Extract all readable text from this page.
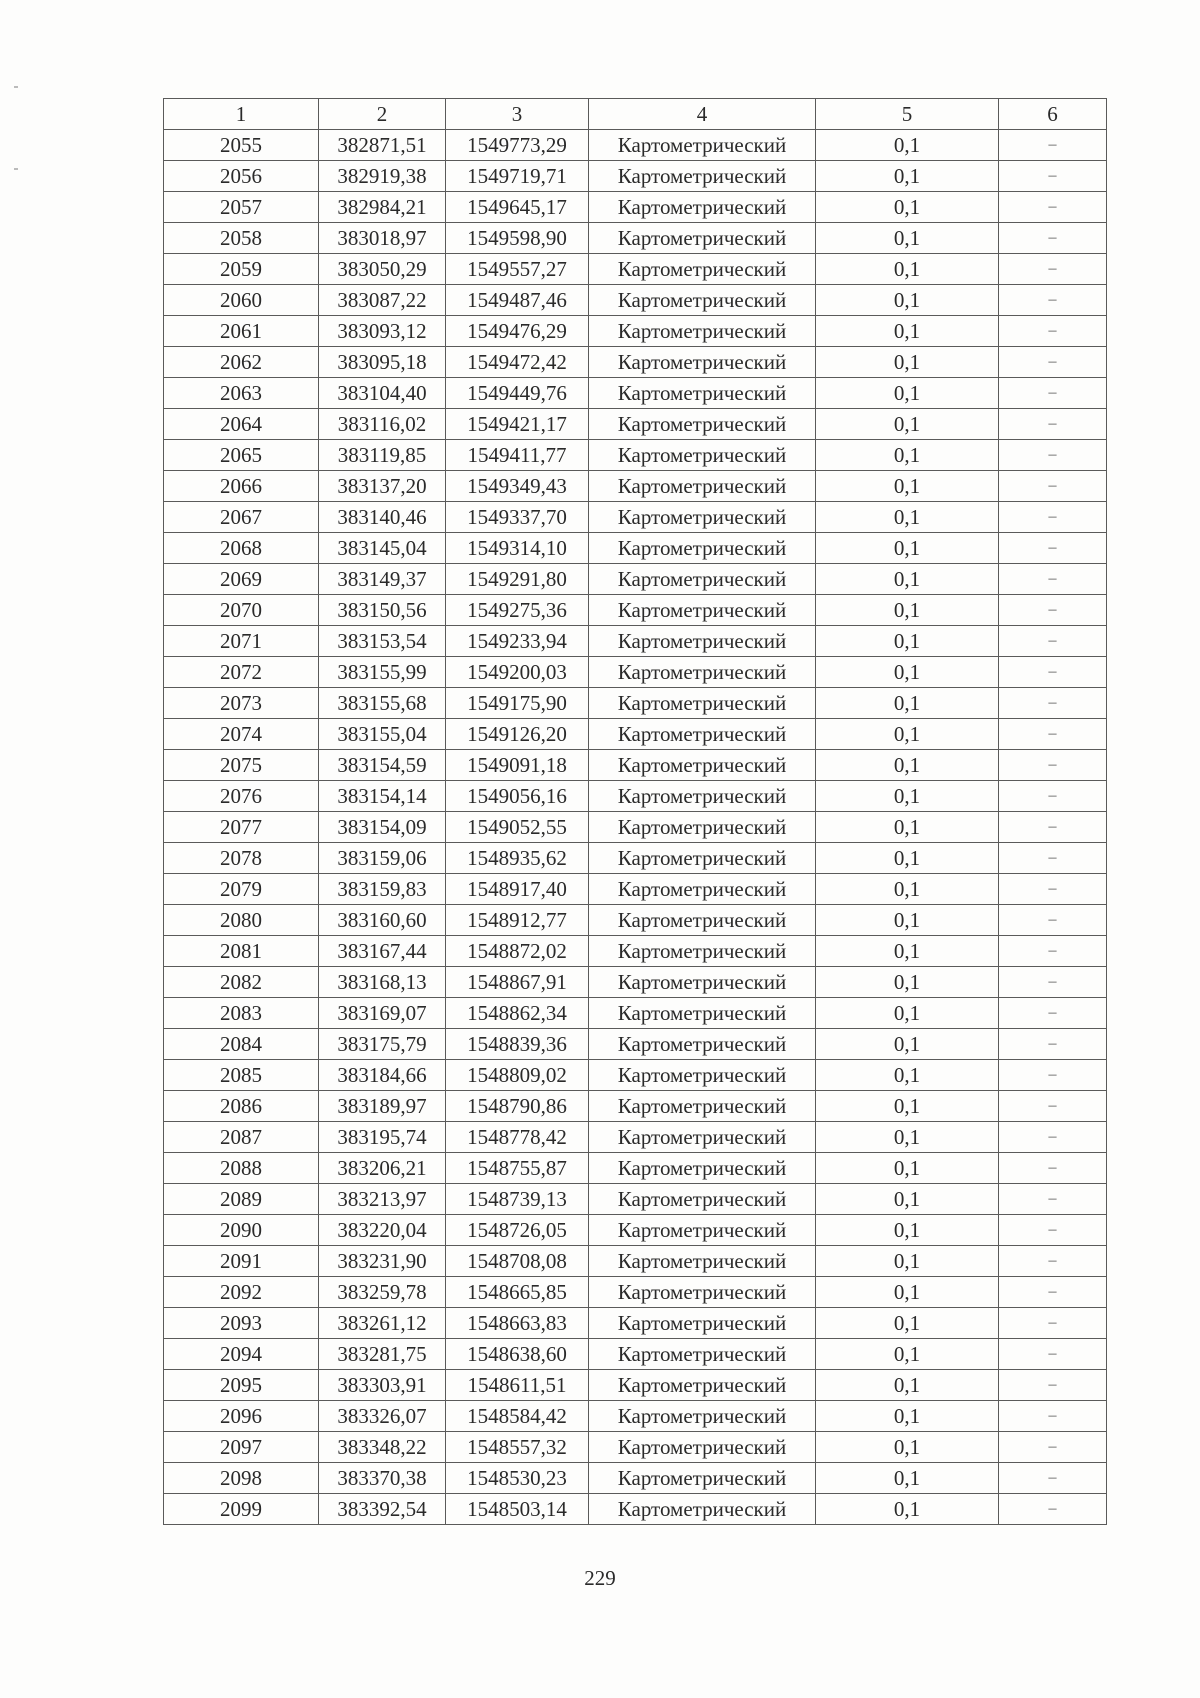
1	2	3	4	5	6
2055	382871,51	1549773,29	Картометрический	0,1	–
2056	382919,38	1549719,71	Картометрический	0,1	–
2057	382984,21	1549645,17	Картометрический	0,1	–
2058	383018,97	1549598,90	Картометрический	0,1	–
2059	383050,29	1549557,27	Картометрический	0,1	–
2060	383087,22	1549487,46	Картометрический	0,1	–
2061	383093,12	1549476,29	Картометрический	0,1	–
2062	383095,18	1549472,42	Картометрический	0,1	–
2063	383104,40	1549449,76	Картометрический	0,1	–
2064	383116,02	1549421,17	Картометрический	0,1	–
2065	383119,85	1549411,77	Картометрический	0,1	–
2066	383137,20	1549349,43	Картометрический	0,1	–
2067	383140,46	1549337,70	Картометрический	0,1	–
2068	383145,04	1549314,10	Картометрический	0,1	–
2069	383149,37	1549291,80	Картометрический	0,1	–
2070	383150,56	1549275,36	Картометрический	0,1	–
2071	383153,54	1549233,94	Картометрический	0,1	–
2072	383155,99	1549200,03	Картометрический	0,1	–
2073	383155,68	1549175,90	Картометрический	0,1	–
2074	383155,04	1549126,20	Картометрический	0,1	–
2075	383154,59	1549091,18	Картометрический	0,1	–
2076	383154,14	1549056,16	Картометрический	0,1	–
2077	383154,09	1549052,55	Картометрический	0,1	–
2078	383159,06	1548935,62	Картометрический	0,1	–
2079	383159,83	1548917,40	Картометрический	0,1	–
2080	383160,60	1548912,77	Картометрический	0,1	–
2081	383167,44	1548872,02	Картометрический	0,1	–
2082	383168,13	1548867,91	Картометрический	0,1	–
2083	383169,07	1548862,34	Картометрический	0,1	–
2084	383175,79	1548839,36	Картометрический	0,1	–
2085	383184,66	1548809,02	Картометрический	0,1	–
2086	383189,97	1548790,86	Картометрический	0,1	–
2087	383195,74	1548778,42	Картометрический	0,1	–
2088	383206,21	1548755,87	Картометрический	0,1	–
2089	383213,97	1548739,13	Картометрический	0,1	–
2090	383220,04	1548726,05	Картометрический	0,1	–
2091	383231,90	1548708,08	Картометрический	0,1	–
2092	383259,78	1548665,85	Картометрический	0,1	–
2093	383261,12	1548663,83	Картометрический	0,1	–
2094	383281,75	1548638,60	Картометрический	0,1	–
2095	383303,91	1548611,51	Картометрический	0,1	–
2096	383326,07	1548584,42	Картометрический	0,1	–
2097	383348,22	1548557,32	Картометрический	0,1	–
2098	383370,38	1548530,23	Картометрический	0,1	–
2099	383392,54	1548503,14	Картометрический	0,1	–
229
